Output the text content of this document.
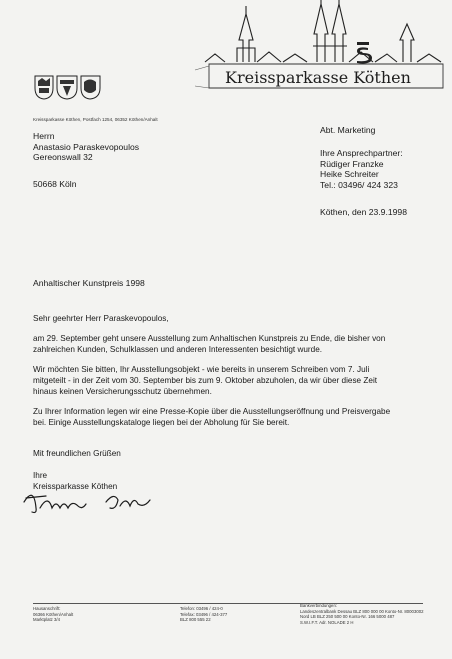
Kreissparkasse Köthen
Kreissparkasse Köthen, Postfach 1254, 06352 Köthen/Anhalt
Herrn
Anastasio Paraskevopoulos
Gereonswall 32
50668 Köln
Abt. Marketing
Ihre Ansprechpartner:
Rüdiger Franzke
Heike Schreiter
Tel.: 03496/ 424 323
Köthen, den 23.9.1998
Anhaltischer Kunstpreis 1998
Sehr geehrter Herr Paraskevopoulos,
am 29. September geht unsere Ausstellung zum Anhaltischen Kunstpreis zu Ende, die bisher von
zahlreichen Kunden, Schulklassen und anderen Interessenten besichtigt wurde.
Wir möchten Sie bitten, Ihr Ausstellungsobjekt - wie bereits in unserem Schreiben vom 7. Juli
mitgeteilt - in der Zeit vom 30. September bis zum 9. Oktober abzuholen, da wir über diese Zeit
hinaus keinen Versicherungsschutz übernehmen.
Zu Ihrer Information legen wir eine Presse-Kopie über die Ausstellungseröffnung und Preisvergabe
bei. Einige Ausstellungskataloge liegen bei der Abholung für Sie bereit.
Mit freundlichen Grüßen
Ihre
Kreissparkasse Köthen
Hausanschrift:
06366 Köthen/Anhalt
Marktplatz 3/4
Telefon: 03496 / 424-0
Telefax: 03496 / 424-377
BLZ 800 555 22
Bankverbindungen:
Landeszentralbank Dessau BLZ 800 000 00 Konto-Nr. 80003002
Nord LB BLZ 250 500 00 Konto-Nr. 166 5000 487
S.W.I.F.T. Adr. NOLADE 2 H
